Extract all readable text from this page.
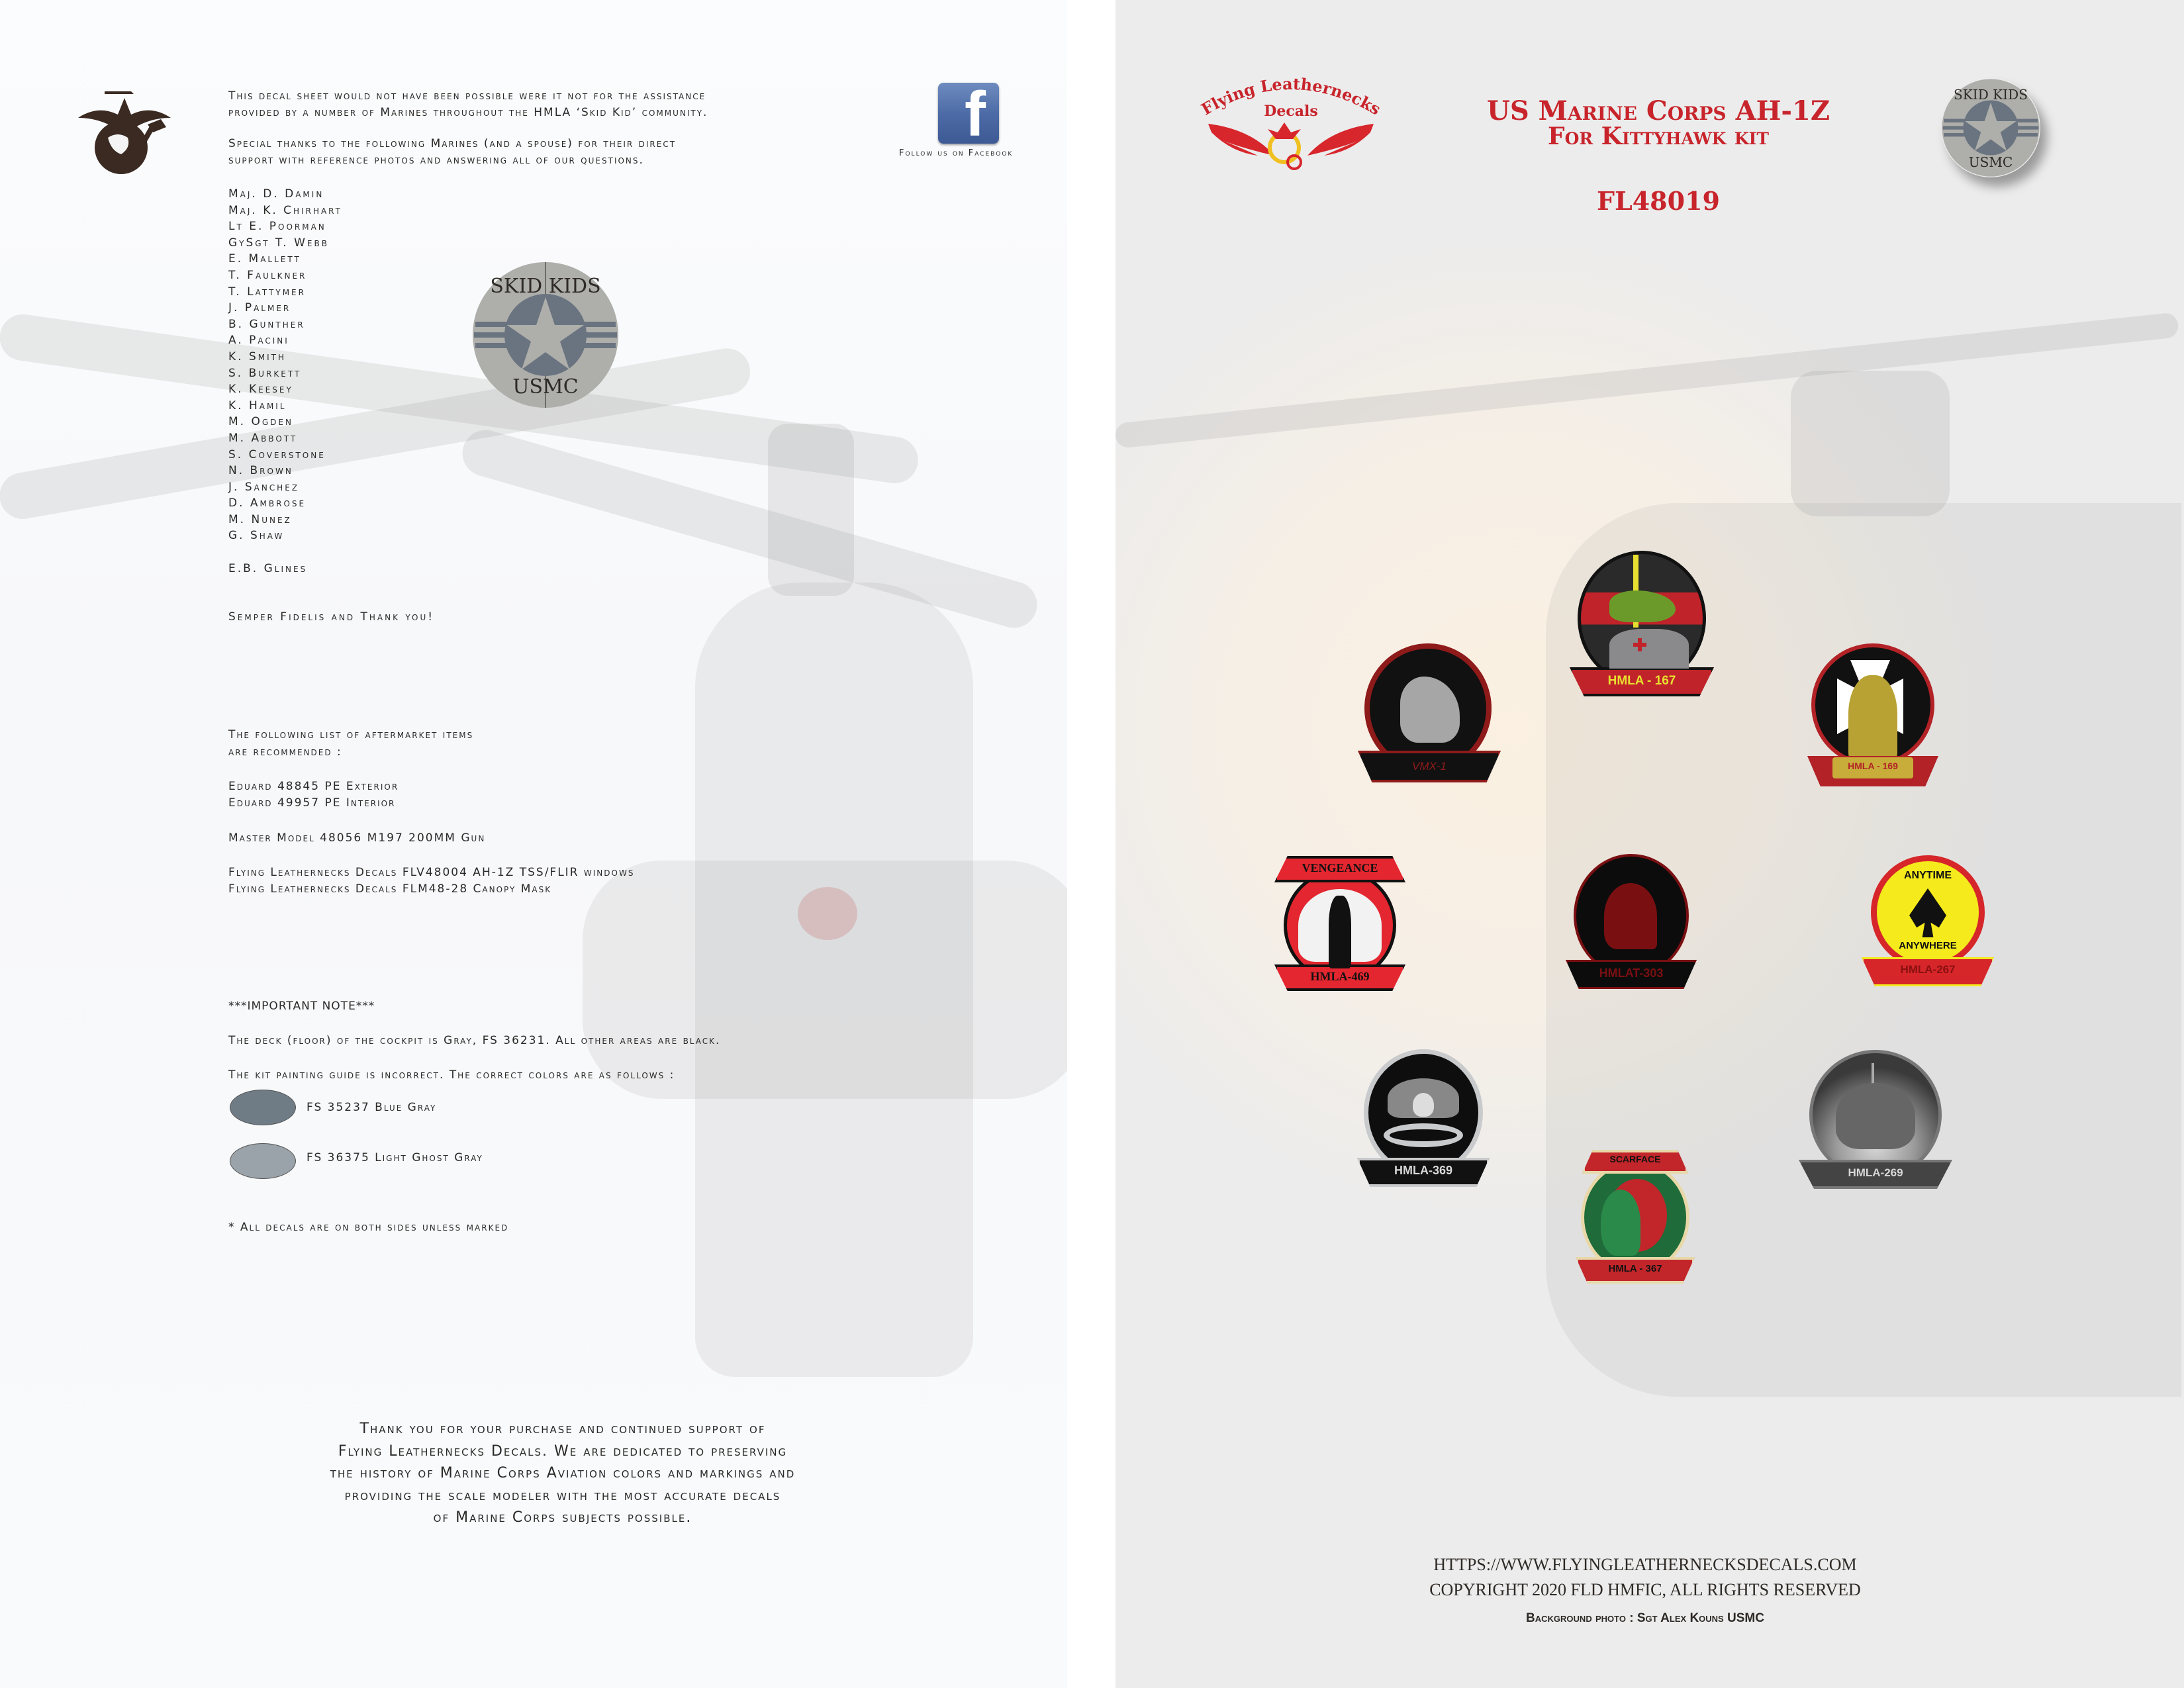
This decal sheet would not have been possible were it not for the assistance
provided by a number of Marines throughout the HMLA ‘Skid Kid’ community.
Special thanks to the following Marines (and a spouse) for their direct
support with reference photos and answering all of our questions.
Maj. D. Damin
Maj. K. Chirhart
Lt E. Poorman
GySgt T. Webb
E. Mallett
T. Faulkner
T. Lattymer
J. Palmer
B. Gunther
A. Pacini
K. Smith
S. Burkett
K. Keesey
K. Hamil
M. Ogden
M. Abbott
S. Coverstone
N. Brown
J. Sanchez
D. Ambrose
M. Nunez
G. Shaw
E.B. Glines
Semper Fidelis and Thank you!
SKID KIDS
USMC
f
Follow us on Facebook
The following list of aftermarket items
are recommended :
Eduard 48845 PE Exterior
Eduard 49957 PE Interior
Master Model 48056 M197 200MM Gun
Flying Leathernecks Decals FLV48004 AH-1Z TSS/FLIR windows
Flying Leathernecks Decals FLM48-28 Canopy Mask
***IMPORTANT NOTE***
The deck (floor) of the cockpit is Gray, FS 36231. All other areas are black.
The kit painting guide is incorrect. The correct colors are as follows :
FS 35237 Blue Gray
FS 36375 Light Ghost Gray
* All decals are on both sides unless marked
Thank you for your purchase and continued support of
Flying Leathernecks Decals. We are dedicated to preserving
the history of Marine Corps Aviation colors and markings and
providing the scale modeler with the most accurate decals
of Marine Corps subjects possible.
Flying Leathernecks
Decals	US Marine Corps AH-1Z
For Kittyhawk kit
FL48019
SKID KIDS
USMC
VMX-1
HMLA - 167
HMLA - 169
VENGEANCE
HMLA-469	HMLAT-303
ANYTIME
ANYWHERE
HMLA-267
HMLA-369
SCARFACE
HMLA - 367
HMLA-269
HTTPS://WWW.FLYINGLEATHERNECKSDECALS.COM
COPYRIGHT 2020 FLD HMFIC, ALL RIGHTS RESERVED
Background photo : Sgt Alex Kouns USMC
